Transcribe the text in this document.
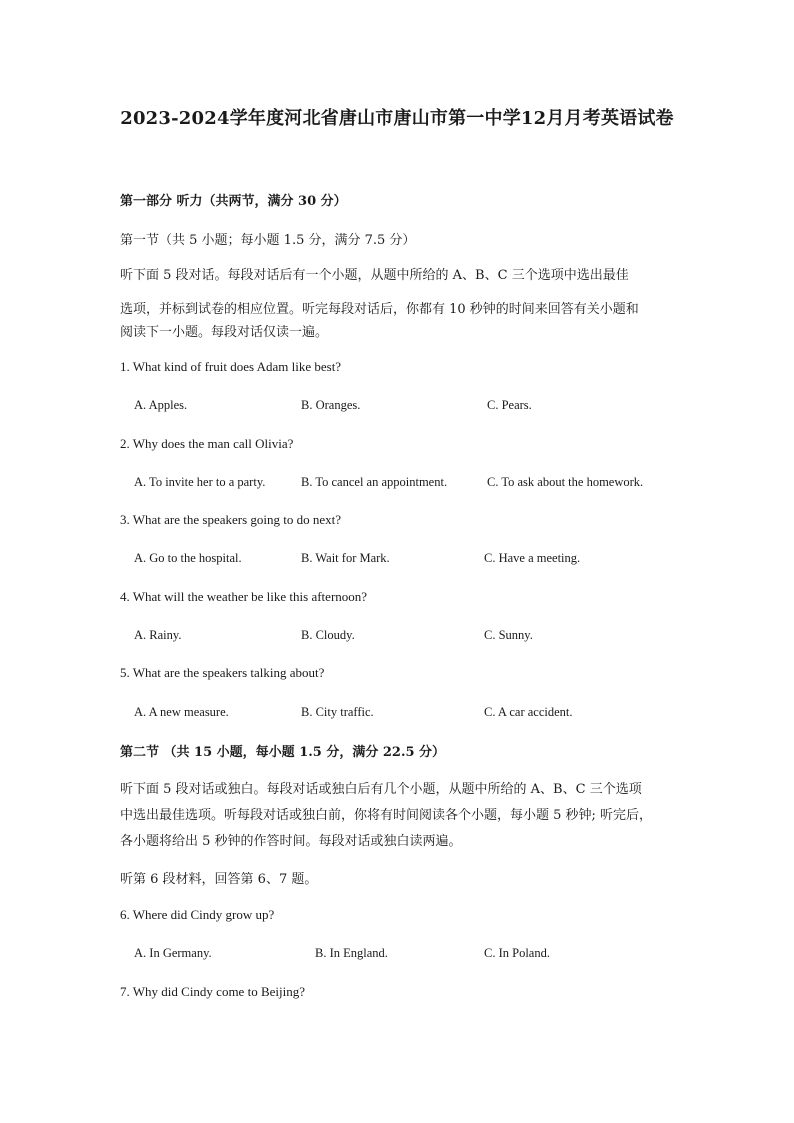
2023-2024学年度河北省唐山市唐山市第一中学12月月考英语试卷
第一部分 听力（共两节，满分 30 分）
第一节（共 5 小题；每小题 1.5 分，满分 7.5 分）
听下面 5 段对话。每段对话后有一个小题，从题中所给的 A、B、C 三个选项中选出最佳
选项，并标到试卷的相应位置。听完每段对话后，你都有 10 秒钟的时间来回答有关小题和
阅读下一小题。每段对话仅读一遍。
1. What kind of fruit does Adam like best?
A. Apples.	B. Oranges.	C. Pears.
2. Why does the man call Olivia?
A. To invite her to a party.	B. To cancel an appointment.	C. To ask about the homework.
3. What are the speakers going to do next?
A. Go to the hospital.	B. Wait for Mark.	C. Have a meeting.
4. What will the weather be like this afternoon?
A. Rainy.	B. Cloudy.	C. Sunny.
5. What are the speakers talking about?
A. A new measure.	B. City traffic.	C. A car accident.
第二节 （共 15 小题，每小题 1.5 分，满分 22.5 分）
听下面 5 段对话或独白。每段对话或独白后有几个小题，从题中所给的 A、B、C 三个选项
中选出最佳选项。听每段对话或独白前，你将有时间阅读各个小题，每小题 5 秒钟; 听完后，
各小题将给出 5 秒钟的作答时间。每段对话或独白读两遍。
听第 6 段材料，回答第 6、7 题。
6. Where did Cindy grow up?
A. In Germany.	B. In England.	C. In Poland.
7. Why did Cindy come to Beijing?
